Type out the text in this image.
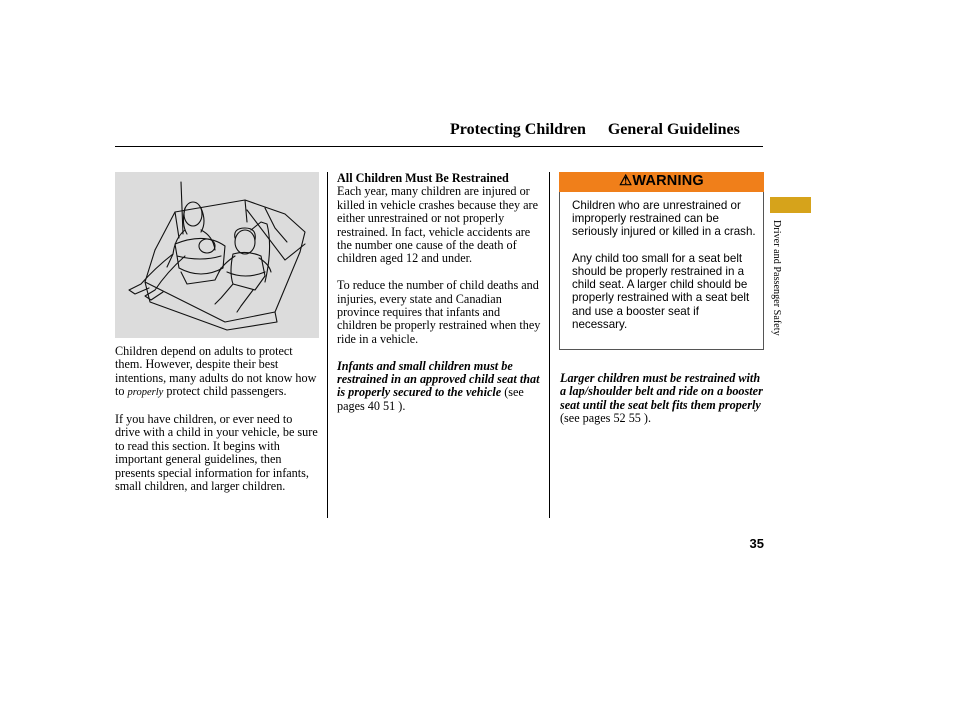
Protecting Children General Guidelines

Children depend on adults to protect them. However, despite their best intentions, many adults do not know how to properly protect child passengers.

If you have children, or ever need to drive with a child in your vehicle, be sure to read this section. It begins with important general guidelines, then presents special information for infants, small children, and larger children.

All Children Must Be Restrained

Each year, many children are injured or killed in vehicle crashes because they are either unrestrained or not properly restrained. In fact, vehicle accidents are the number one cause of the death of children aged 12 and under.

To reduce the number of child deaths and injuries, every state and Canadian province requires that infants and children be properly restrained when they ride in a vehicle.

Infants and small children must be restrained in an approved child seat that is properly secured to the vehicle (see pages 40 51 ).

⚠WARNING

Children who are unrestrained or improperly restrained can be seriously injured or killed in a crash.

Any child too small for a seat belt should be properly restrained in a child seat. A larger child should be properly restrained with a seat belt and use a booster seat if necessary.

Larger children must be restrained with a lap/shoulder belt and ride on a booster seat until the seat belt fits them properly (see pages 52 55 ).

Driver and Passenger Safety
35
